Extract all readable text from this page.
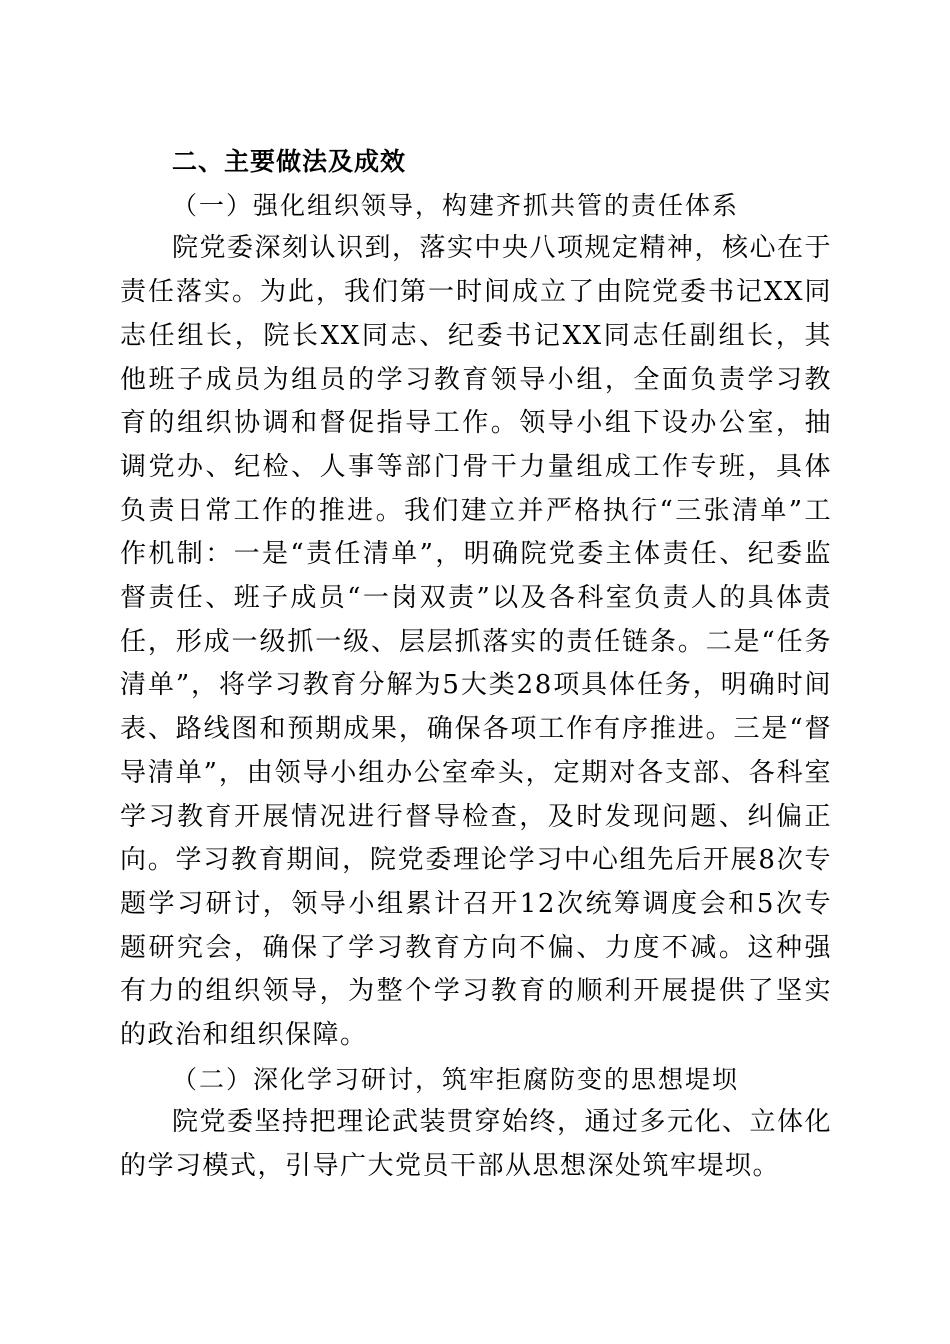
二、主要做法及成效

（一）强化组织领导，构建齐抓共管的责任体系

院党委深刻认识到，落实中央八项规定精神，核心在于责任落实。为此，我们第一时间成立了由院党委书记XX同志任组长，院长XX同志、纪委书记XX同志任副组长，其他班子成员为组员的学习教育领导小组，全面负责学习教育的组织协调和督促指导工作。领导小组下设办公室，抽调党办、纪检、人事等部门骨干力量组成工作专班，具体负责日常工作的推进。我们建立并严格执行“三张清单”工作机制：一是“责任清单”，明确院党委主体责任、纪委监督责任、班子成员“一岗双责”以及各科室负责人的具体责任，形成一级抓一级、层层抓落实的责任链条。二是“任务清单”，将学习教育分解为5大类28项具体任务，明确时间表、路线图和预期成果，确保各项工作有序推进。三是“督导清单”，由领导小组办公室牵头，定期对各支部、各科室学习教育开展情况进行督导检查，及时发现问题、纠偏正向。学习教育期间，院党委理论学习中心组先后开展8次专题学习研讨，领导小组累计召开12次统筹调度会和5次专题研究会，确保了学习教育方向不偏、力度不减。这种强有力的组织领导，为整个学习教育的顺利开展提供了坚实的政治和组织保障。

（二）深化学习研讨，筑牢拒腐防变的思想堤坝

院党委坚持把理论武装贯穿始终，通过多元化、立体化的学习模式，引导广大党员干部从思想深处筑牢堤坝。
